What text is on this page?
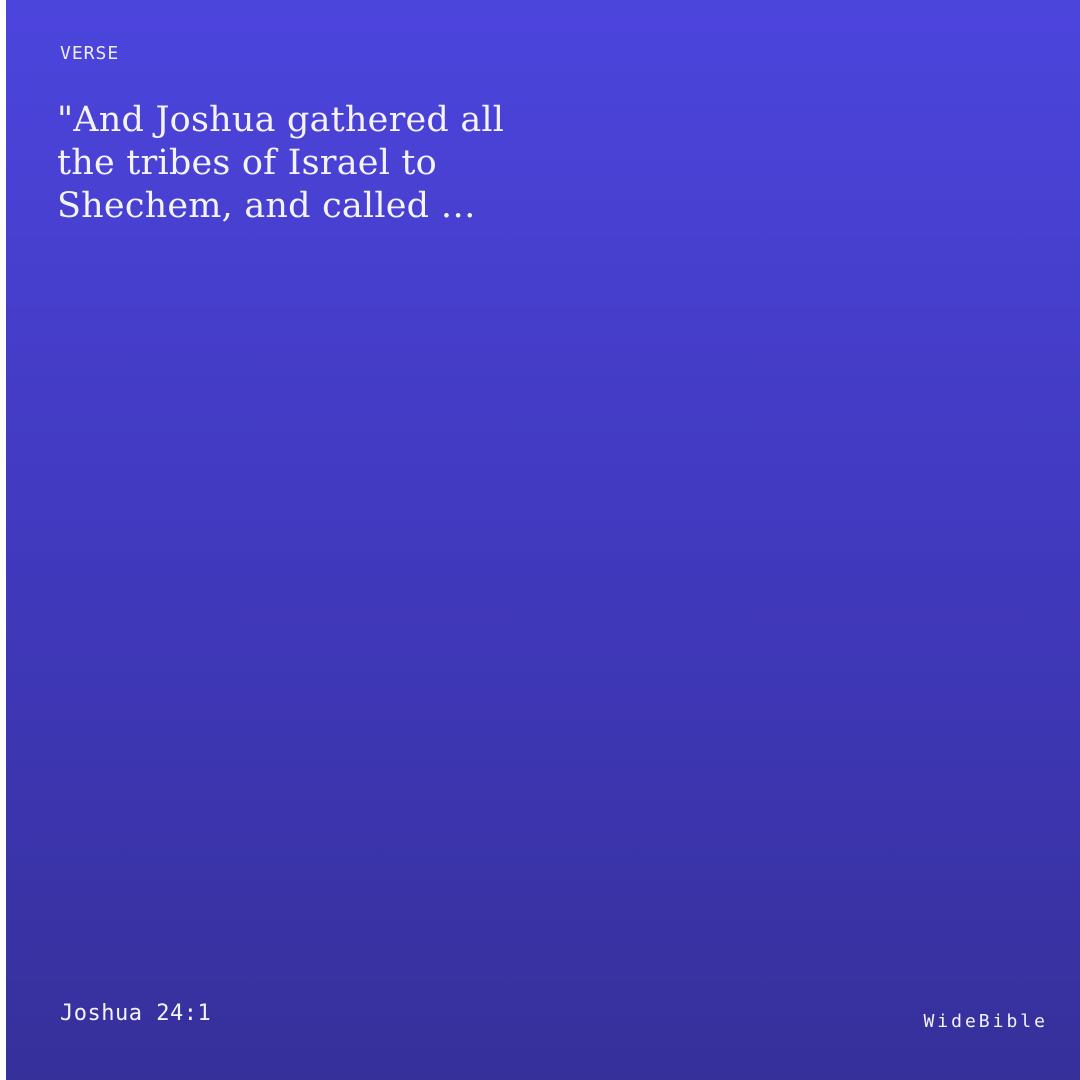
VERSE
"And Joshua gathered all
the tribes of Israel to
Shechem, and called …
Joshua 24:1	WideBible
